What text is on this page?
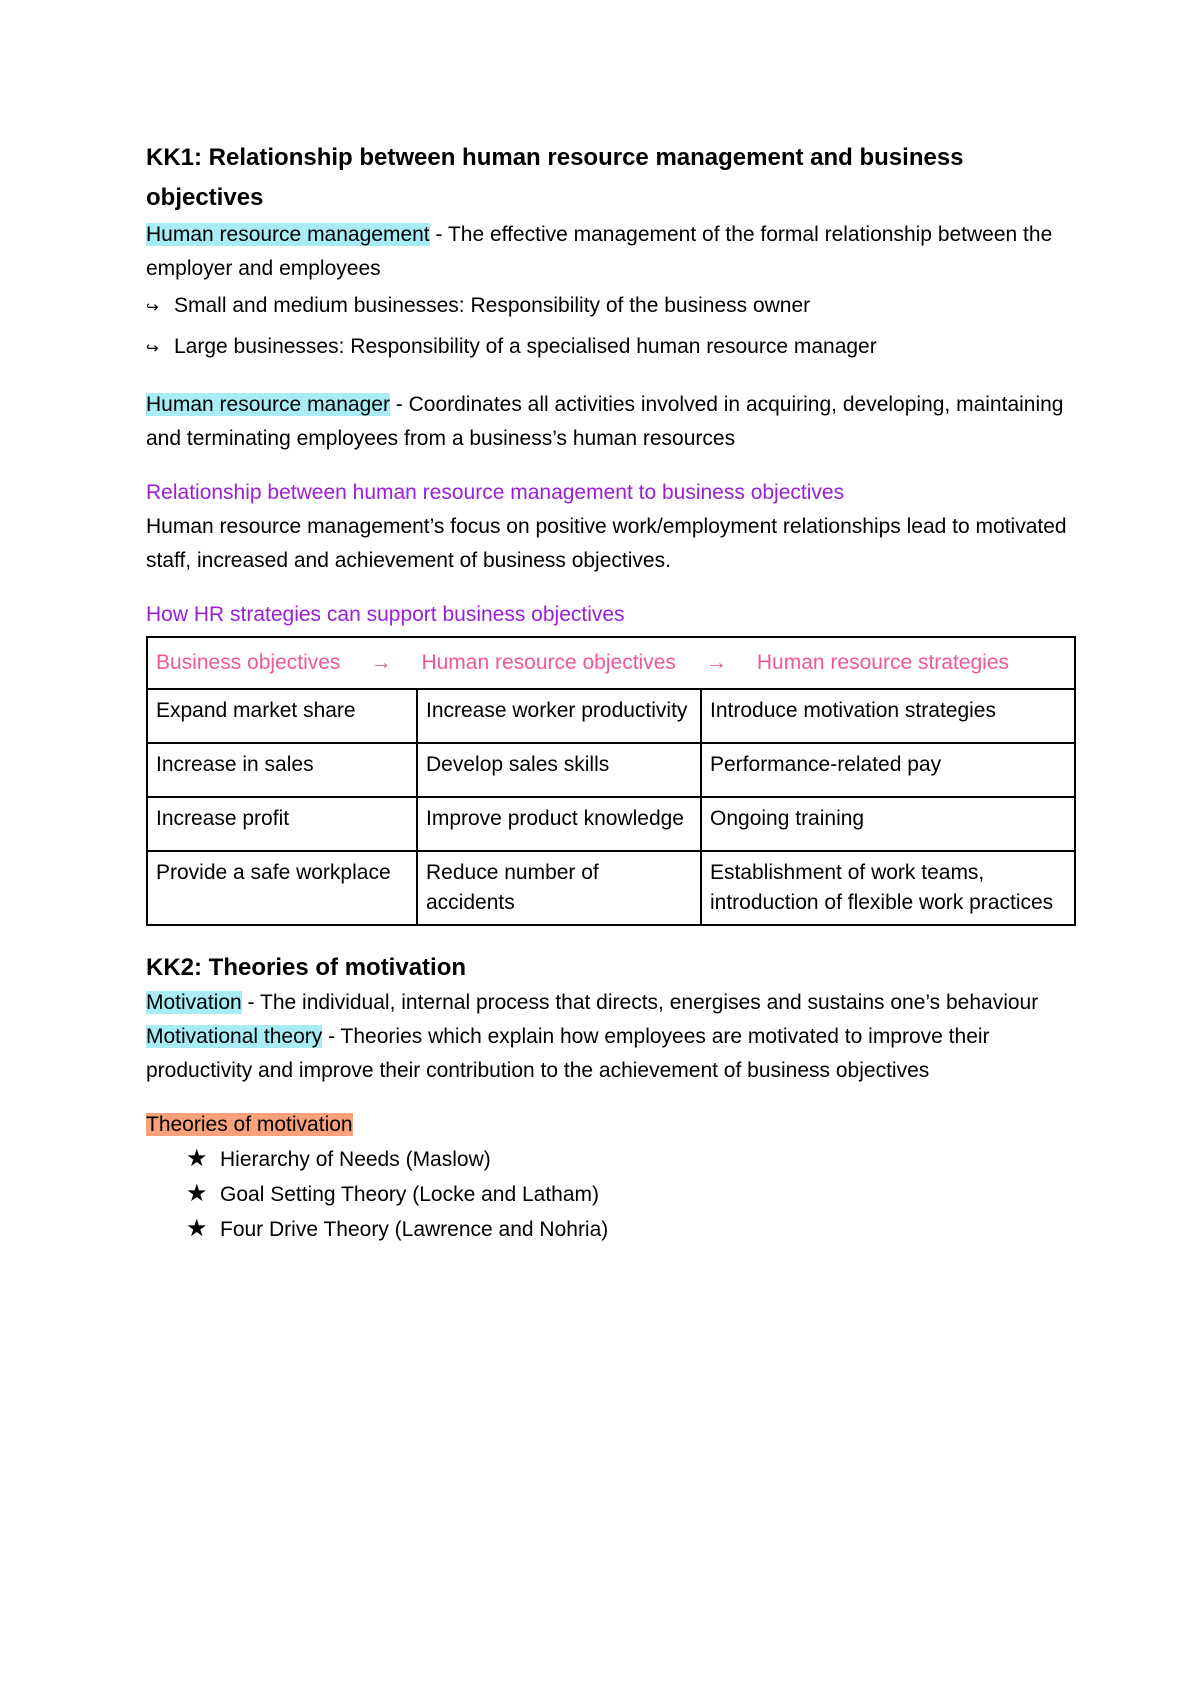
KK1: Relationship between human resource management and business objectives

Human resource management - The effective management of the formal relationship between the employer and employees

↪ Small and medium businesses: Responsibility of the business owner
↪ Large businesses: Responsibility of a specialised human resource manager

Human resource manager - Coordinates all activities involved in acquiring, developing, maintaining and terminating employees from a business’s human resources

Relationship between human resource management to business objectives

Human resource management’s focus on positive work/employment relationships lead to motivated staff, increased and achievement of business objectives.

How HR strategies can support business objectives

Business objectives → Human resource objectives → Human resource strategies		

Expand market share	Increase worker productivity	Introduce motivation strategies
Increase in sales	Develop sales skills	Performance-related pay
Increase profit	Improve product knowledge	Ongoing training
Provide a safe workplace	Reduce number of accidents	Establishment of work teams, introduction of flexible work practices

KK2: Theories of motivation

Motivation - The individual, internal process that directs, energises and sustains one’s behaviour

Motivational theory - Theories which explain how employees are motivated to improve their productivity and improve their contribution to the achievement of business objectives

Theories of motivation

★ Hierarchy of Needs (Maslow)
★ Goal Setting Theory (Locke and Latham)
★ Four Drive Theory (Lawrence and Nohria)
